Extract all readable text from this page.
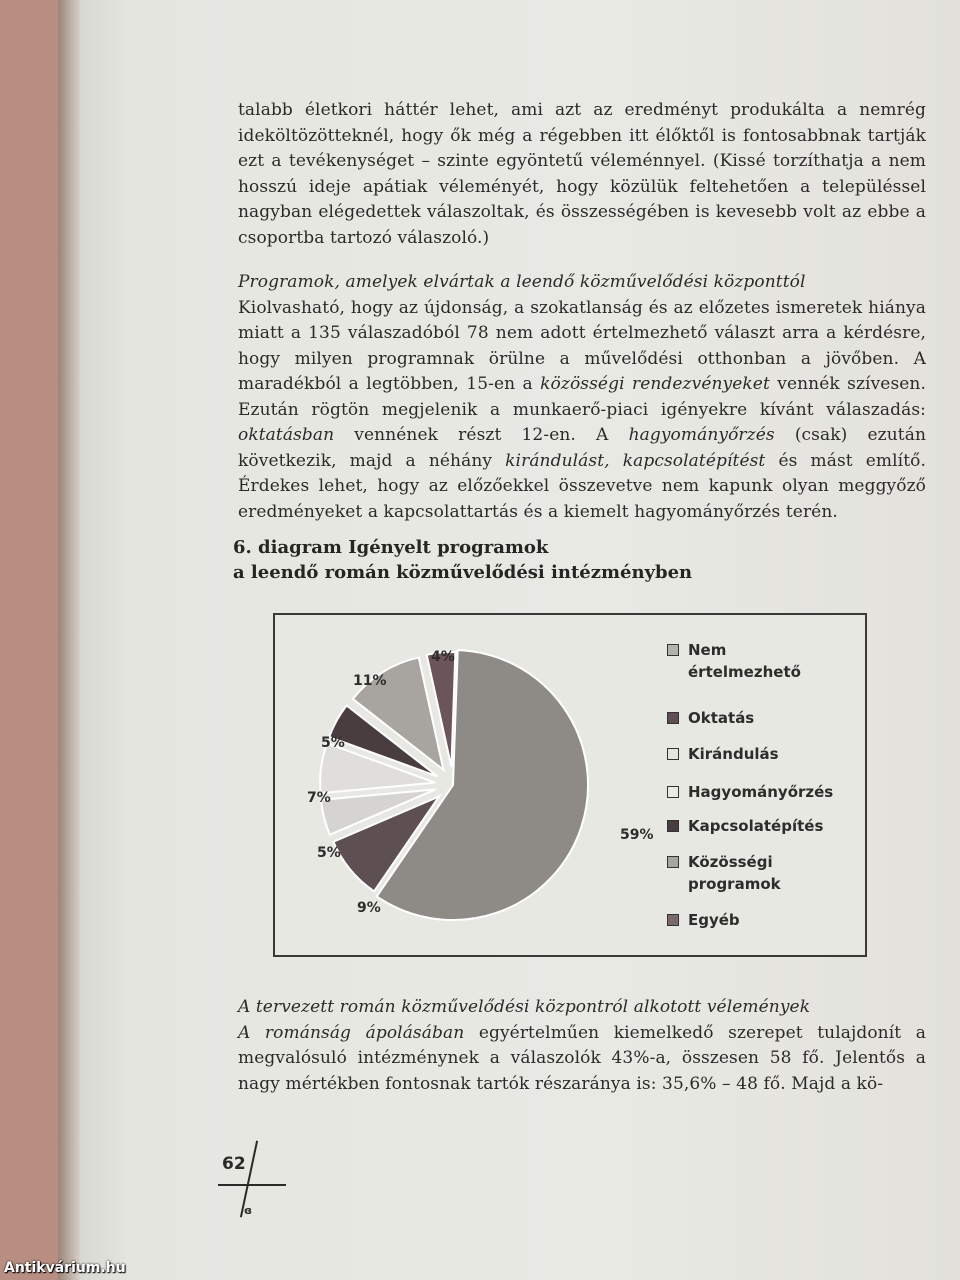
talabb életkori háttér lehet, ami azt az eredményt produkálta a nemrég ideköltözötteknél, hogy ők még a régebben itt élőktől is fontosabbnak tartják ezt a tevékenységet – szinte egyöntetű véleménnyel. (Kissé torzíthatja a nem hosszú ideje apátiak véleményét, hogy közülük feltehetően a településsel nagyban elégedettek válaszoltak, és összességében is kevesebb volt az ebbe a csoportba tartozó válaszoló.)
Programok, amelyek elvártak a leendő közművelődési központtól
Kiolvasható, hogy az újdonság, a szokatlanság és az előzetes ismeretek hiánya miatt a 135 válaszadóból 78 nem adott értelmezhető választ arra a kérdésre, hogy milyen programnak örülne a művelődési otthonban a jövőben. A maradékból a legtöbben, 15-en a közösségi rendezvényeket vennék szívesen. Ezután rögtön megjelenik a munkaerő-piaci igényekre kívánt válaszadás: oktatásban vennének részt 12-en. A hagyományőrzés (csak) ezután következik, majd a néhány kirándulást, kapcsolatépítést és mást említő. Érdekes lehet, hogy az előzőekkel összevetve nem kapunk olyan meggyőző eredményeket a kapcsolattartás és a kiemelt hagyományőrzés terén.
6. diagram Igényelt programok
a leendő román közművelődési intézményben
Nem értelmezhető
Oktatás
Kirándulás
Hagyományőrzés
Kapcsolatépítés
Közösségi programok
Egyéb
59%
9%
5%
7%
5%
11%
4%
A tervezett román közművelődési központról alkotott vélemények
A románság ápolásában egyértelműen kiemelkedő szerepet tulajdonít a megvalósuló intézménynek a válaszolók 43%-a, összesen 58 fő. Jelentős a nagy mértékben fontosnak tartók részaránya is: 35,6% – 48 fő. Majd a kö-
62
ɞ
Antikvárium.hu
